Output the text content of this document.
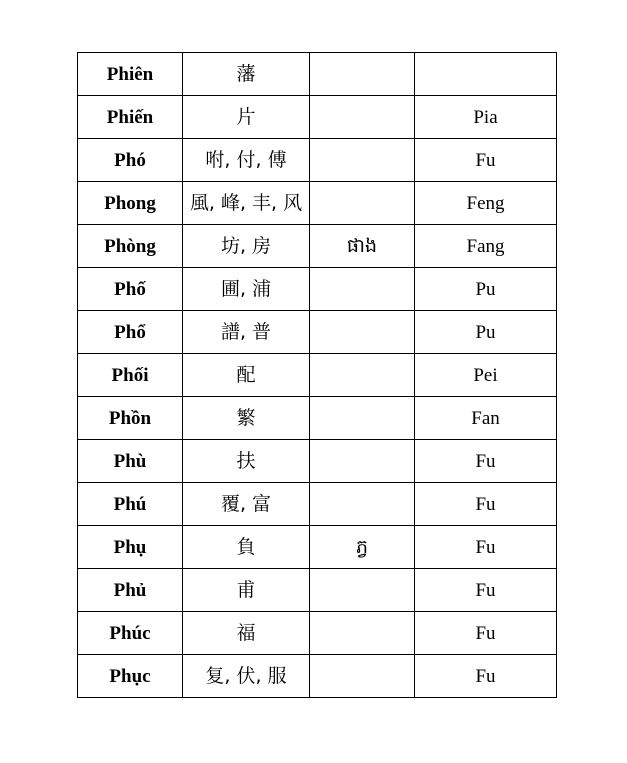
Phiên	藩		
Phiến	片		Pia
Phó	咐, 付, 傅		Fu
Phong	風, 峰, 丰, 风		Feng
Phòng	坊, 房	ផាង	Fang
Phố	圃, 浦		Pu
Phổ	譜, 普		Pu
Phối	配		Pei
Phồn	繁		Fan
Phù	扶		Fu
Phú	覆, 富		Fu
Phụ	負	ភ្វ	Fu
Phủ	甫		Fu
Phúc	福		Fu
Phục	复, 伏, 服		Fu
